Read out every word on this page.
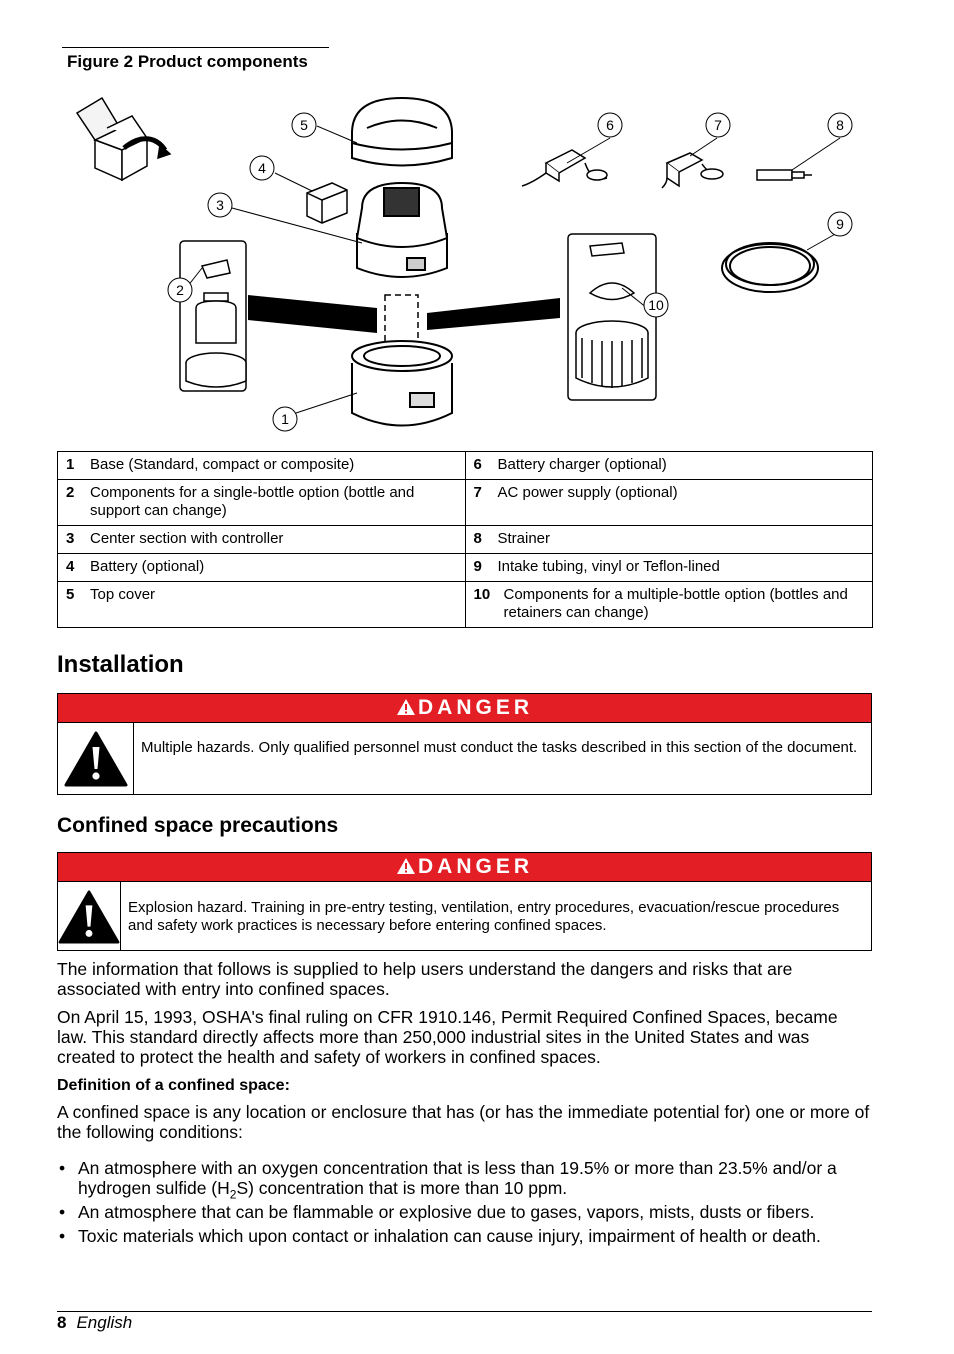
Figure 2 Product components
1
2
3
4
5	6	7	8
9
10
1 Base (Standard, compact or composite)	6 Battery charger (optional)
2 Components for a single-bottle option (bottle and support can change)	7 AC power supply (optional)
3 Center section with controller	8 Strainer
4 Battery (optional)	9 Intake tubing, vinyl or Teflon-lined
5 Top cover	10 Components for a multiple-bottle option (bottles and retainers can change)
Installation
DANGER
Multiple hazards. Only qualified personnel must conduct the tasks described in this section of the document.
Confined space precautions
DANGER
Explosion hazard. Training in pre-entry testing, ventilation, entry procedures, evacuation/rescue procedures and safety work practices is necessary before entering confined spaces.

The information that follows is supplied to help users understand the dangers and risks that are associated with entry into confined spaces.

On April 15, 1993, OSHA's final ruling on CFR 1910.146, Permit Required Confined Spaces, became law. This standard directly affects more than 250,000 industrial sites in the United States and was created to protect the health and safety of workers in confined spaces.

Definition of a confined space:

A confined space is any location or enclosure that has (or has the immediate potential for) one or more of the following conditions:

• An atmosphere with an oxygen concentration that is less than 19.5% or more than 23.5% and/or a hydrogen sulfide $(H_2S)$ concentration that is more than 10 ppm.
• An atmosphere that can be flammable or explosive due to gases, vapors, mists, dusts or fibers.
• Toxic materials which upon contact or inhalation can cause injury, impairment of health or death.
8 English
